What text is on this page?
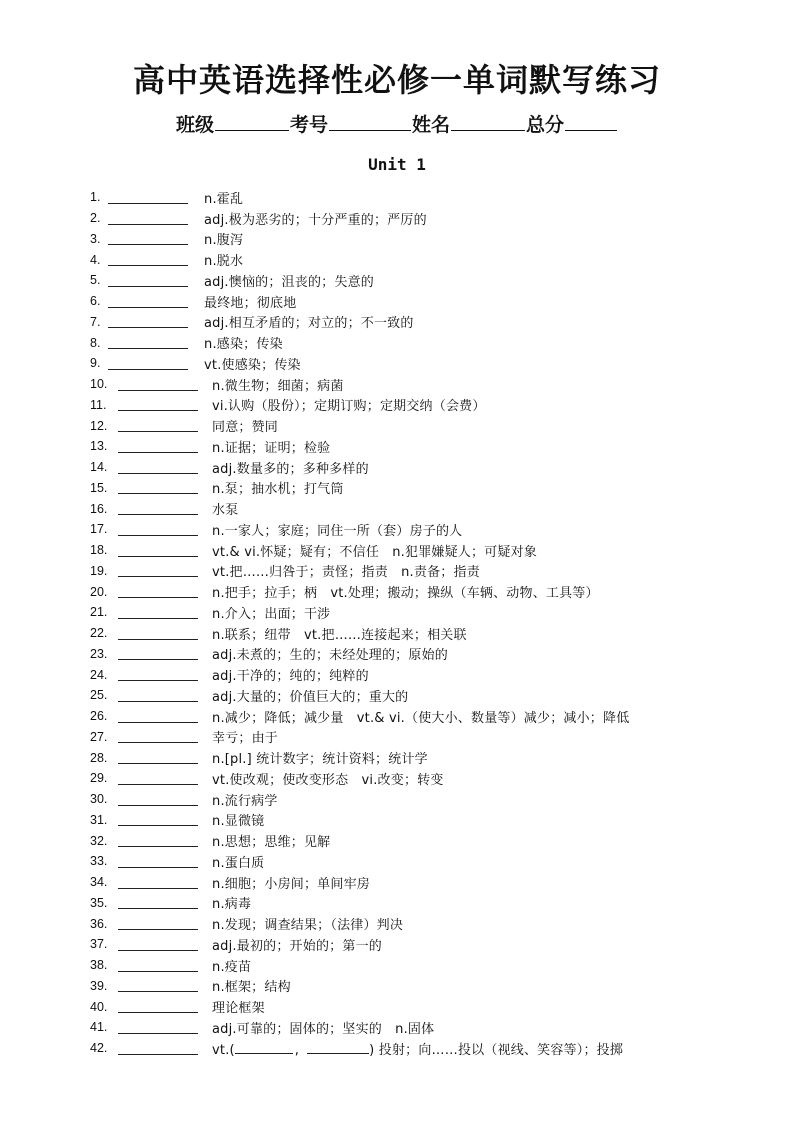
高中英语选择性必修一单词默写练习
班级	考号	姓名	总分
Unit 1
1.	n.霍乱
2.	adj.极为恶劣的；十分严重的；严厉的
3.	n.腹泻
4.	n.脱水
5.	adj.懊恼的；沮丧的；失意的
6.	最终地；彻底地
7.	adj.相互矛盾的；对立的；不一致的
8.	n.感染；传染
9.	vt.使感染；传染
10.	n.微生物；细菌；病菌
11.	vi.认购（股份）；定期订购；定期交纳（会费）
12.	同意；赞同
13.	n.证据；证明；检验
14.	adj.数量多的；多种多样的
15.	n.泵；抽水机；打气筒
16.	水泵
17.	n.一家人；家庭；同住一所（套）房子的人
18.	vt.& vi.怀疑；疑有；不信任　n.犯罪嫌疑人；可疑对象
19.	vt.把……归咎于；责怪；指责　n.责备；指责
20.	n.把手；拉手；柄　vt.处理；搬动；操纵（车辆、动物、工具等）
21.	n.介入；出面；干涉
22.	n.联系；纽带　vt.把……连接起来；相关联
23.	adj.未煮的；生的；未经处理的；原始的
24.	adj.干净的；纯的；纯粹的
25.	adj.大量的；价值巨大的；重大的
26.	n.减少；降低；减少量　vt.& vi.（使大小、数量等）减少；减小；降低
27.	幸亏；由于
28.	n.[pl.] 统计数字；统计资料；统计学
29.	vt.使改观；使改变形态　vi.改变；转变
30.	n.流行病学
31.	n.显微镜
32.	n.思想；思维；见解
33.	n.蛋白质
34.	n.细胞；小房间；单间牢房
35.	n.病毒
36.	n.发现；调查结果；（法律）判决
37.	adj.最初的；开始的；第一的
38.	n.疫苗
39.	n.框架；结构
40.	理论框架
41.	adj.可靠的；固体的；坚实的　n.固体
42.	vt.(	,	) 投射；向……投以（视线、笑容等）；投掷
